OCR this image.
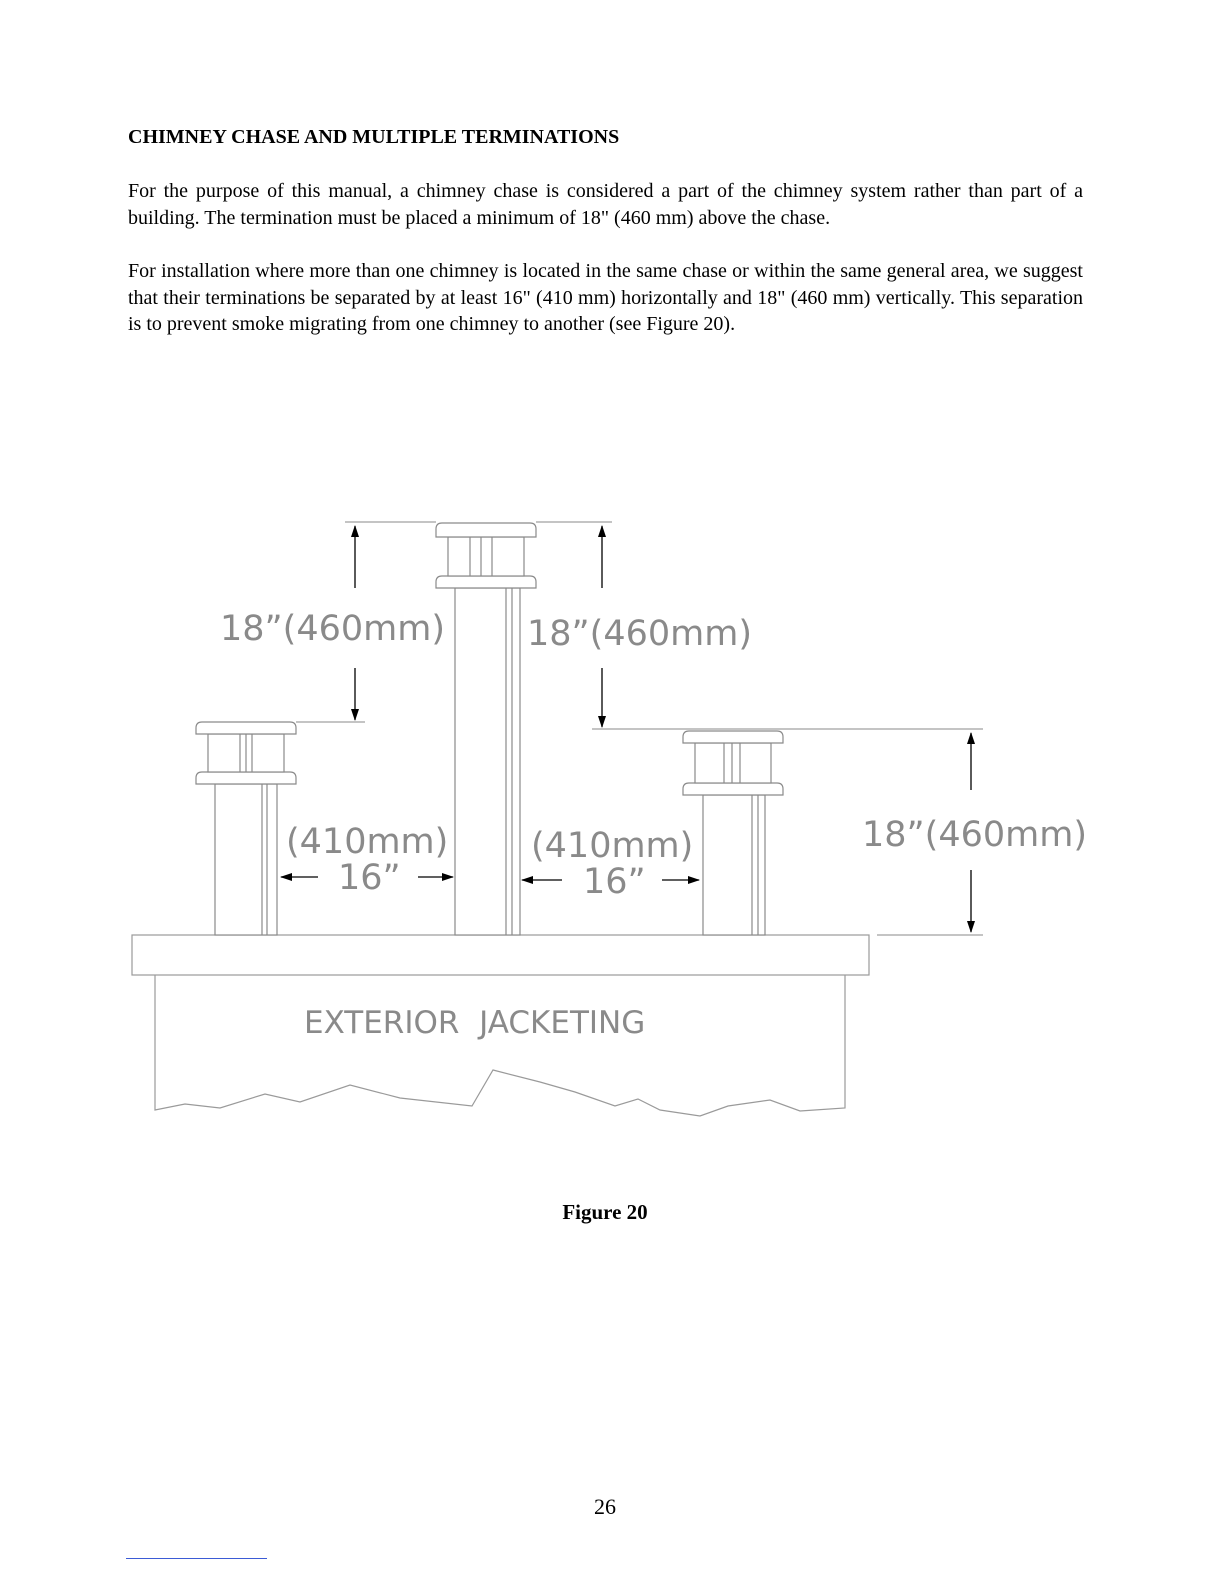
CHIMNEY CHASE AND MULTIPLE TERMINATIONS

For the purpose of this manual, a chimney chase is considered a part of the chimney system rather than part of a building. The termination must be placed a minimum of 18" (460 mm) above the chase.

For installation where more than one chimney is located in the same chase or within the same general area, we suggest that their terminations be separated by at least 16" (410 mm) horizontally and 18" (460 mm) vertically. This separation is to prevent smoke migrating from one chimney to another (see Figure 20).

18”(460mm) 18”(460mm)
18”(460mm)
(410mm)
16”
(410mm)
16”
EXTERIOR  JACKETING

Figure 20

26
